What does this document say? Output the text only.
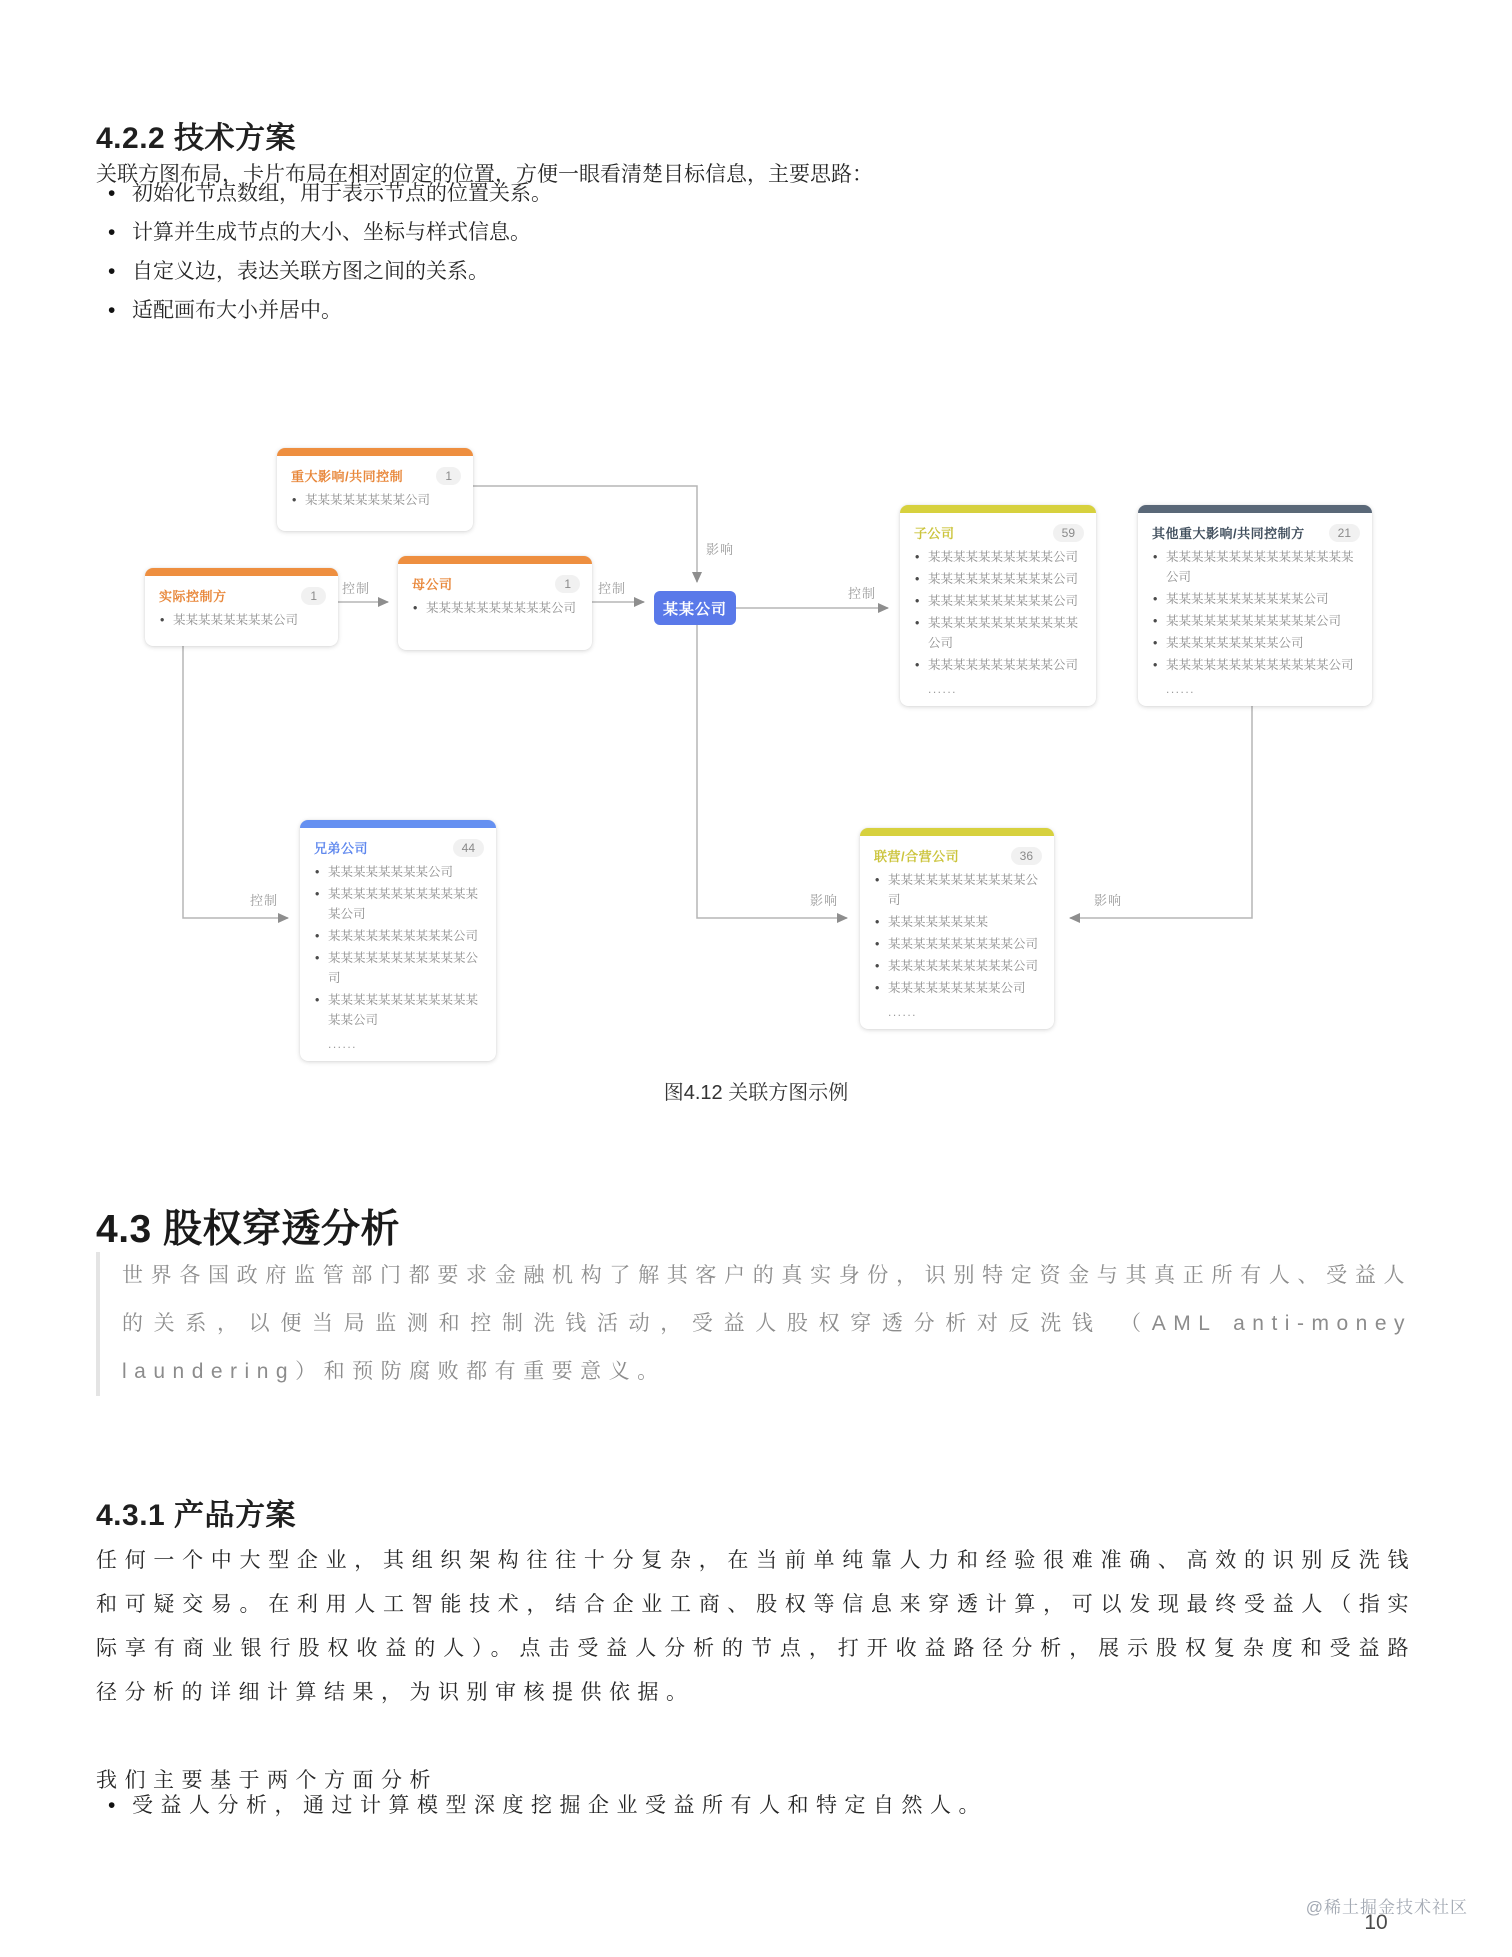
4.2.2 技术方案

关联方图布局，卡片布局在相对固定的位置，方便一眼看清楚目标信息，主要思路：

• 初始化节点数组，用于表示节点的位置关系。
• 计算并生成节点的大小、坐标与样式信息。
• 自定义边，表达关联方图之间的关系。
• 适配画布大小并居中。
影响
控制	控制	控制
控制	影响	影响
重大影响/共同控制	1
• 某某某某某某某某公司
实际控制方	1
• 某某某某某某某某公司
母公司	1
• 某某某某某某某某某某公司	某某公司
子公司	59
• 某某某某某某某某某某公司
• 某某某某某某某某某某公司
• 某某某某某某某某某某公司
• 某某某某某某某某某某某某公司
• 某某某某某某某某某某公司
......
其他重大影响/共同控制方	21
• 某某某某某某某某某某某某某某某公司
• 某某某某某某某某某某某公司
• 某某某某某某某某某某某某公司
• 某某某某某某某某某公司
• 某某某某某某某某某某某某某公司
......
兄弟公司	44
• 某某某某某某某某公司
• 某某某某某某某某某某某某某公司
• 某某某某某某某某某某公司
• 某某某某某某某某某某某公司
• 某某某某某某某某某某某某某某公司
......
联营/合营公司	36
• 某某某某某某某某某某某公司
• 某某某某某某某某
• 某某某某某某某某某某公司
• 某某某某某某某某某某公司
• 某某某某某某某某某公司
......
图4.12 关联方图示例
4.3 股权穿透分析
世界各国政府监管部门都要求金融机构了解其客户的真实身份，识别特定资金与其真正所有人、受益人的关系，以便当局监测和控制洗钱活动，受益人股权穿透分析对反洗钱 （AML anti-money laundering）和预防腐败都有重要意义。
4.3.1 产品方案

任何一个中大型企业，其组织架构往往十分复杂，在当前单纯靠人力和经验很难准确、高效的识别反洗钱和可疑交易。在利用人工智能技术，结合企业工商、股权等信息来穿透计算，可以发现最终受益人（指实际享有商业银行股权收益的人）。点击受益人分析的节点，打开收益路径分析，展示股权复杂度和受益路径分析的详细计算结果，为识别审核提供依据。

我们主要基于两个方面分析

• 受益人分析，通过计算模型深度挖掘企业受益所有人和特定自然人。
@稀土掘金技术社区
10
